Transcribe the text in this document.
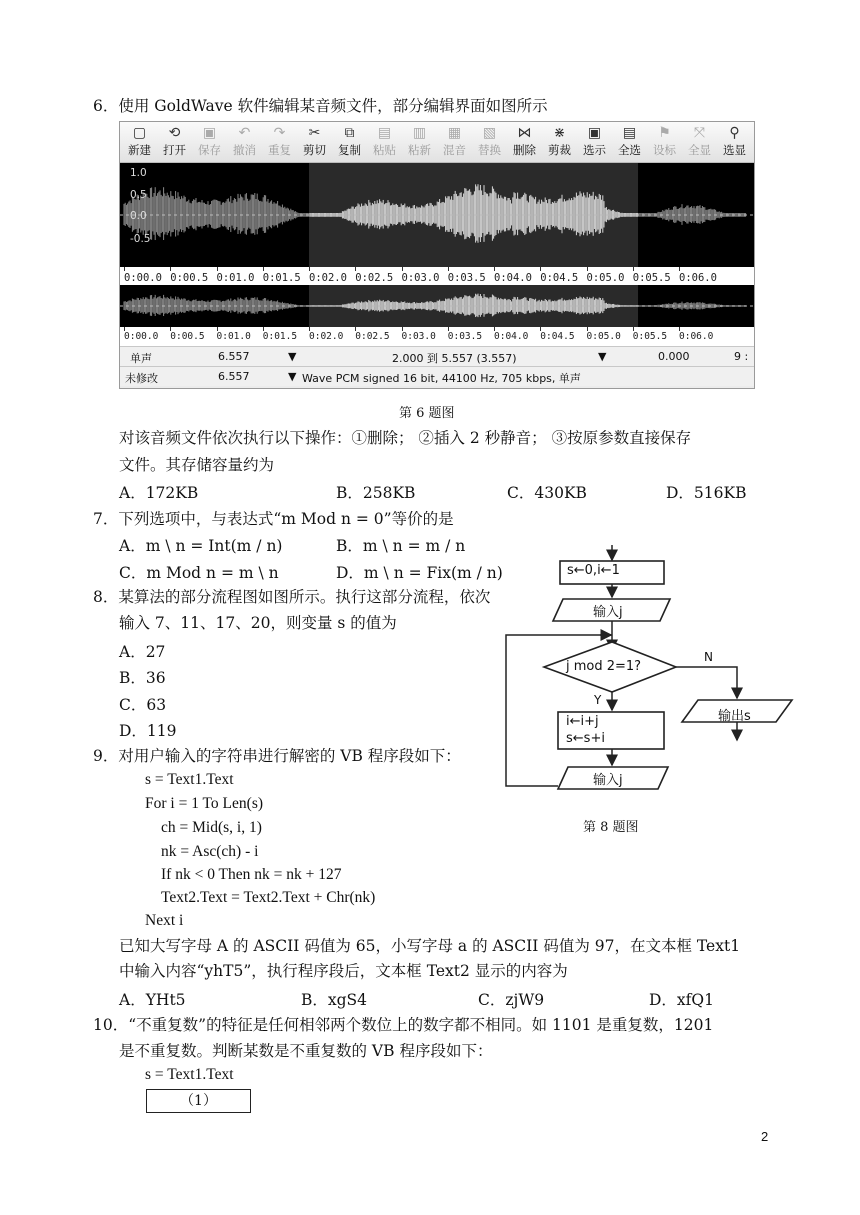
6．使用 GoldWave 软件编辑某音频文件，部分编辑界面如图所示
▢
新建
⟲
打开
▣
保存
↶
撤消
↷
重复
✂
剪切
⧉
复制
▤
粘贴
▥
粘新
▦
混音
▧
替换
⋈
删除
⋇
剪裁
▣
选示
▤
全选
⚑
设标
⤧
全显
⚲
选显
1.0
0.5
0.0
-0.5
0:00.0 0:00.5 0:01.0 0:01.5 0:02.0 0:02.5 0:03.0 0:03.5 0:04.0 0:04.5 0:05.0 0:05.5 0:06.0
0:00.0 0:00.5 0:01.0 0:01.5 0:02.0 0:02.5 0:03.0 0:03.5 0:04.0 0:04.5 0:05.0 0:05.5 0:06.0
单声	6.557	▼	2.000 到 5.557 (3.557)	▼	0.000	9 :
未修改	6.557	▼ Wave PCM signed 16 bit, 44100 Hz, 705 kbps, 单声
第 6 题图
对该音频文件依次执行以下操作：①删除； ②插入 2 秒静音； ③按原参数直接保存
文件。其存储容量约为
A．172KB	B．258KB	C．430KB	D．516KB
7．下列选项中，与表达式“m Mod n = 0”等价的是
A．m \ n = Int(m / n)	B．m \ n = m / n
C．m Mod n = m \ n	D．m \ n = Fix(m / n)
8．某算法的部分流程图如图所示。执行这部分流程，依次
输入 7、11、17、20，则变量 s 的值为
A．27
B．36
C．63
D．119
s←0,i←1
输入j
j mod 2=1?
N
Y
输出s
i←i+j
s←s+i
输入j
第 8 题图
9．对用户输入的字符串进行解密的 VB 程序段如下：
s = Text1.Text
For i = 1 To Len(s)
ch = Mid(s, i, 1)
nk = Asc(ch) - i
If nk < 0 Then nk = nk + 127
Text2.Text = Text2.Text + Chr(nk)
Next i
已知大写字母 A 的 ASCII 码值为 65，小写字母 a 的 ASCII 码值为 97，在文本框 Text1
中输入内容“yhT5”，执行程序段后，文本框 Text2 显示的内容为
A．YHt5	B．xgS4	C．zjW9	D．xfQ1
10．“不重复数”的特征是任何相邻两个数位上的数字都不相同。如 1101 是重复数，1201
是不重复数。判断某数是不重复数的 VB 程序段如下：
s = Text1.Text
（1）
2
